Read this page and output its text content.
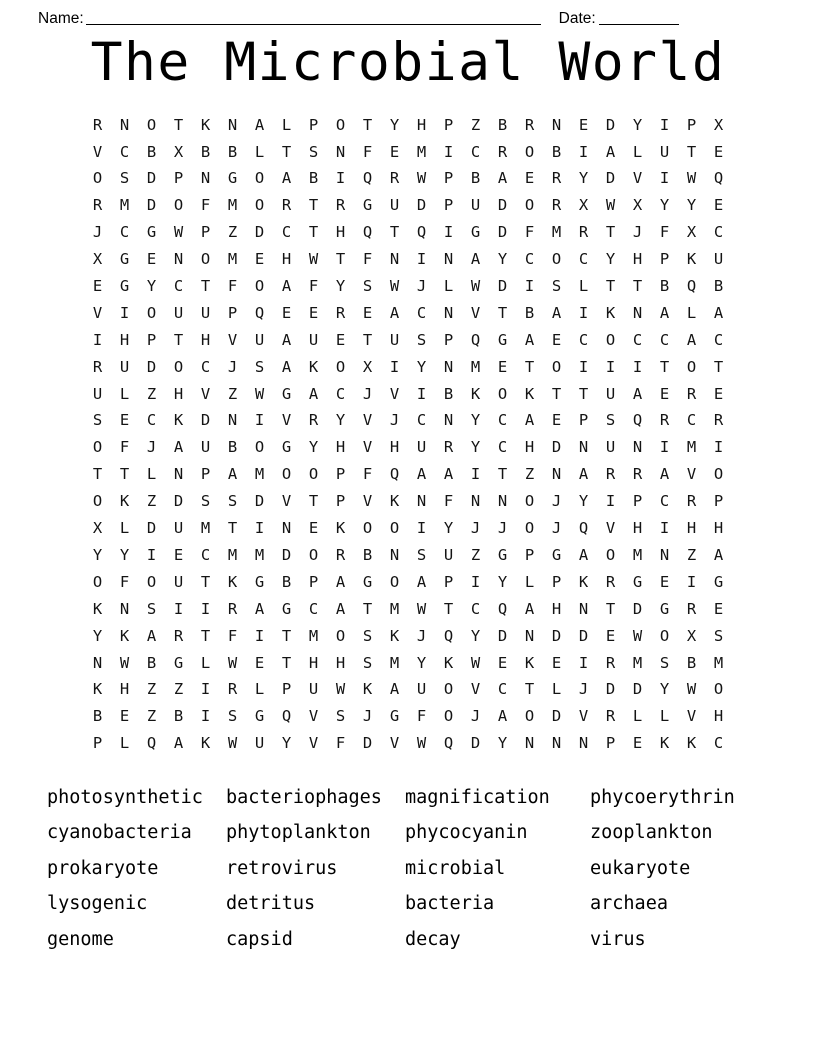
Name:	Date:
The Microbial World
R	N	O	T	K	N	A	L	P	O	T	Y	H	P	Z	B	R	N	E	D	Y	I	P	X
V	C	B	X	B	B	L	T	S	N	F	E	M	I	C	R	O	B	I	A	L	U	T	E
O	S	D	P	N	G	O	A	B	I	Q	R	W	P	B	A	E	R	Y	D	V	I	W	Q
R	M	D	O	F	M	O	R	T	R	G	U	D	P	U	D	O	R	X	W	X	Y	Y	E
J	C	G	W	P	Z	D	C	T	H	Q	T	Q	I	G	D	F	M	R	T	J	F	X	C
X	G	E	N	O	M	E	H	W	T	F	N	I	N	A	Y	C	O	C	Y	H	P	K	U
E	G	Y	C	T	F	O	A	F	Y	S	W	J	L	W	D	I	S	L	T	T	B	Q	B
V	I	O	U	U	P	Q	E	E	R	E	A	C	N	V	T	B	A	I	K	N	A	L	A
I	H	P	T	H	V	U	A	U	E	T	U	S	P	Q	G	A	E	C	O	C	C	A	C
R	U	D	O	C	J	S	A	K	O	X	I	Y	N	M	E	T	O	I	I	I	T	O	T
U	L	Z	H	V	Z	W	G	A	C	J	V	I	B	K	O	K	T	T	U	A	E	R	E
S	E	C	K	D	N	I	V	R	Y	V	J	C	N	Y	C	A	E	P	S	Q	R	C	R
O	F	J	A	U	B	O	G	Y	H	V	H	U	R	Y	C	H	D	N	U	N	I	M	I
T	T	L	N	P	A	M	O	O	P	F	Q	A	A	I	T	Z	N	A	R	R	A	V	O
O	K	Z	D	S	S	D	V	T	P	V	K	N	F	N	N	O	J	Y	I	P	C	R	P
X	L	D	U	M	T	I	N	E	K	O	O	I	Y	J	J	O	J	Q	V	H	I	H	H
Y	Y	I	E	C	M	M	D	O	R	B	N	S	U	Z	G	P	G	A	O	M	N	Z	A
O	F	O	U	T	K	G	B	P	A	G	O	A	P	I	Y	L	P	K	R	G	E	I	G
K	N	S	I	I	R	A	G	C	A	T	M	W	T	C	Q	A	H	N	T	D	G	R	E
Y	K	A	R	T	F	I	T	M	O	S	K	J	Q	Y	D	N	D	D	E	W	O	X	S
N	W	B	G	L	W	E	T	H	H	S	M	Y	K	W	E	K	E	I	R	M	S	B	M
K	H	Z	Z	I	R	L	P	U	W	K	A	U	O	V	C	T	L	J	D	D	Y	W	O
B	E	Z	B	I	S	G	Q	V	S	J	G	F	O	J	A	O	D	V	R	L	L	V	H
P	L	Q	A	K	W	U	Y	V	F	D	V	W	Q	D	Y	N	N	N	P	E	K	K	C
photosynthetic	bacteriophages	magnification	phycoerythrin
cyanobacteria	phytoplankton	phycocyanin	zooplankton
prokaryote	retrovirus	microbial	eukaryote
lysogenic	detritus	bacteria	archaea
genome	capsid	decay	virus
